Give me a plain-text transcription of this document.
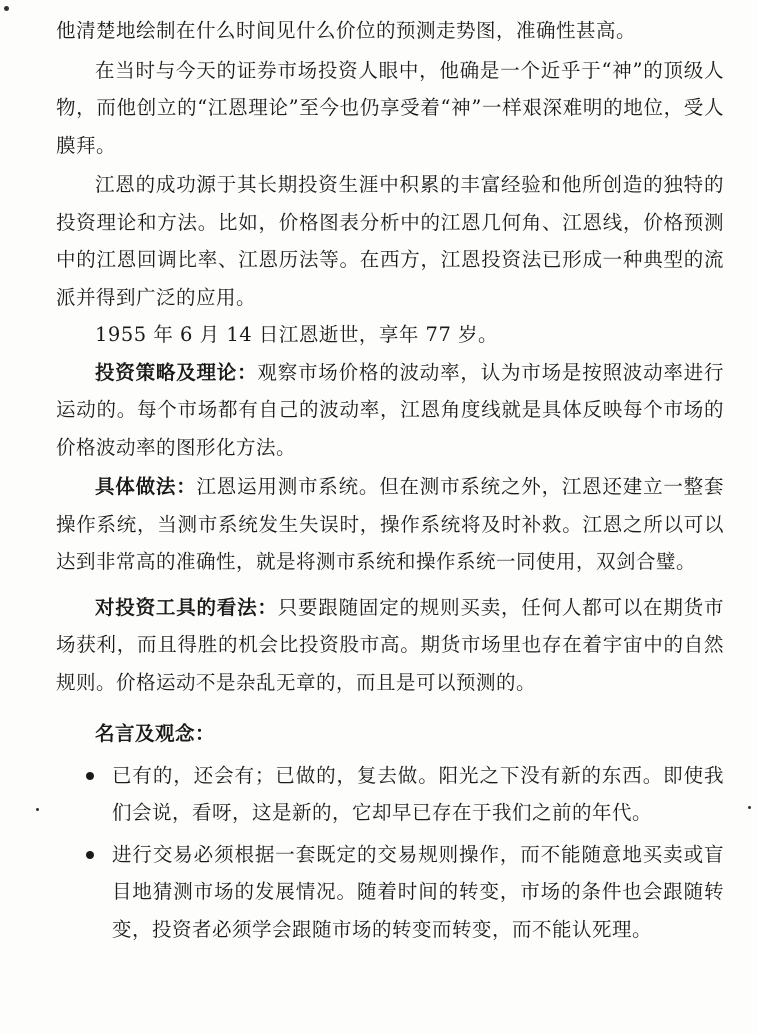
他清楚地绘制在什么时间见什么价位的预测走势图，准确性甚高。

在当时与今天的证券市场投资人眼中，他确是一个近乎于“神”的顶级人物，而他创立的“江恩理论”至今也仍享受着“神”一样艰深难明的地位，受人膜拜。

江恩的成功源于其长期投资生涯中积累的丰富经验和他所创造的独特的投资理论和方法。比如，价格图表分析中的江恩几何角、江恩线，价格预测中的江恩回调比率、江恩历法等。在西方，江恩投资法已形成一种典型的流派并得到广泛的应用。

1955 年 6 月 14 日江恩逝世，享年 77 岁。

投资策略及理论：观察市场价格的波动率，认为市场是按照波动率进行运动的。每个市场都有自己的波动率，江恩角度线就是具体反映每个市场的价格波动率的图形化方法。

具体做法：江恩运用测市系统。但在测市系统之外，江恩还建立一整套操作系统，当测市系统发生失误时，操作系统将及时补救。江恩之所以可以达到非常高的准确性，就是将测市系统和操作系统一同使用，双剑合璧。

对投资工具的看法：只要跟随固定的规则买卖，任何人都可以在期货市场获利，而且得胜的机会比投资股市高。期货市场里也存在着宇宙中的自然规则。价格运动不是杂乱无章的，而且是可以预测的。

名言及观念：
已有的，还会有；已做的，复去做。阳光之下没有新的东西。即使我们会说，看呀，这是新的，它却早已存在于我们之前的年代。
进行交易必须根据一套既定的交易规则操作，而不能随意地买卖或盲目地猜测市场的发展情况。随着时间的转变，市场的条件也会跟随转变，投资者必须学会跟随市场的转变而转变，而不能认死理。
